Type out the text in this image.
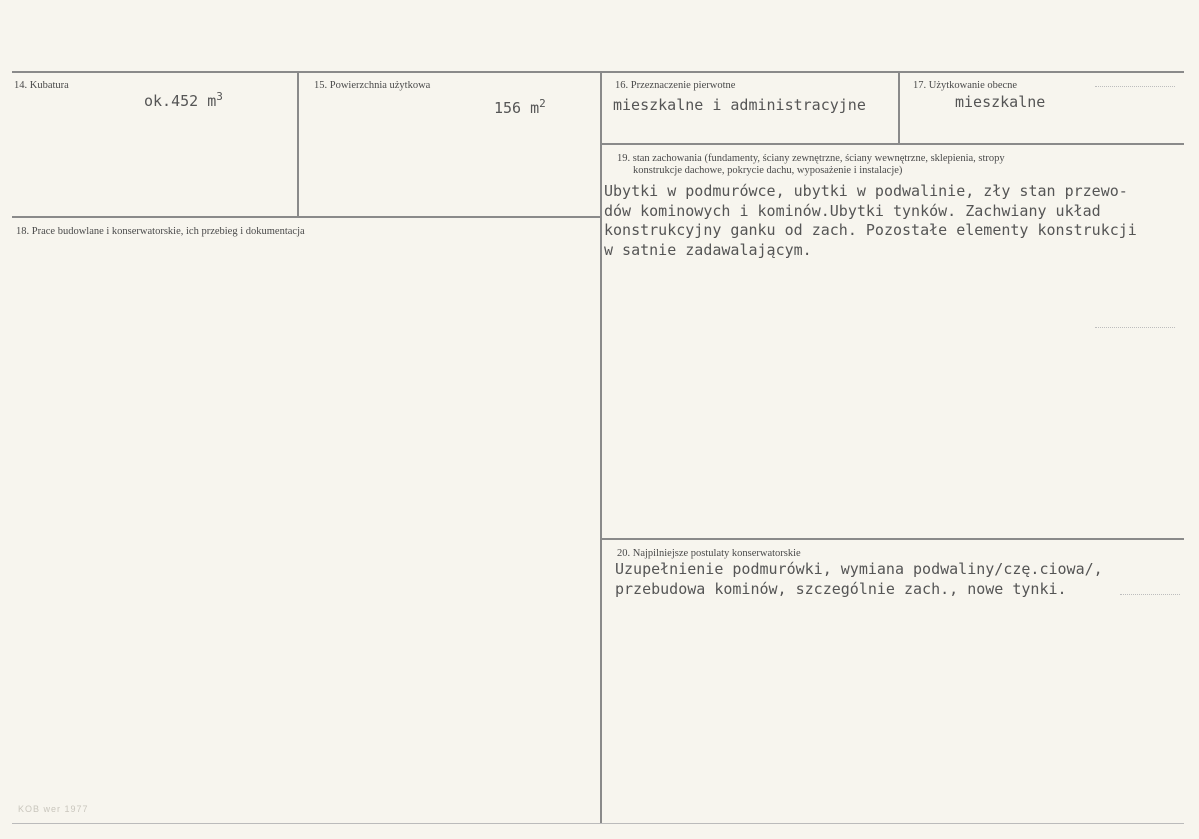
14. Kubatura
ok.452 $m^3$
15. Powierzchnia użytkowa
156 $m^2$
16. Przeznaczenie pierwotne
mieszkalne i administracyjne
17. Użytkowanie obecne
mieszkalne
18. Prace budowlane i konserwatorskie, ich przebieg i dokumentacja
19. stan zachowania (fundamenty, ściany zewnętrzne, ściany wewnętrzne, sklepienia, stropy
konstrukcje dachowe, pokrycie dachu, wyposażenie i instalacje)
Ubytki w podmurówce, ubytki w podwalinie, zły stan przewo-
dów kominowych i kominów.Ubytki tynków. Zachwiany układ
konstrukcyjny ganku od zach. Pozostałe elementy konstrukcji
w satnie zadawalającym.
20. Najpilniejsze postulaty konserwatorskie
Uzupełnienie podmurówki, wymiana podwaliny/czę.ciowa/,
przebudowa kominów, szczególnie zach., nowe tynki.
KOB wer 1977
